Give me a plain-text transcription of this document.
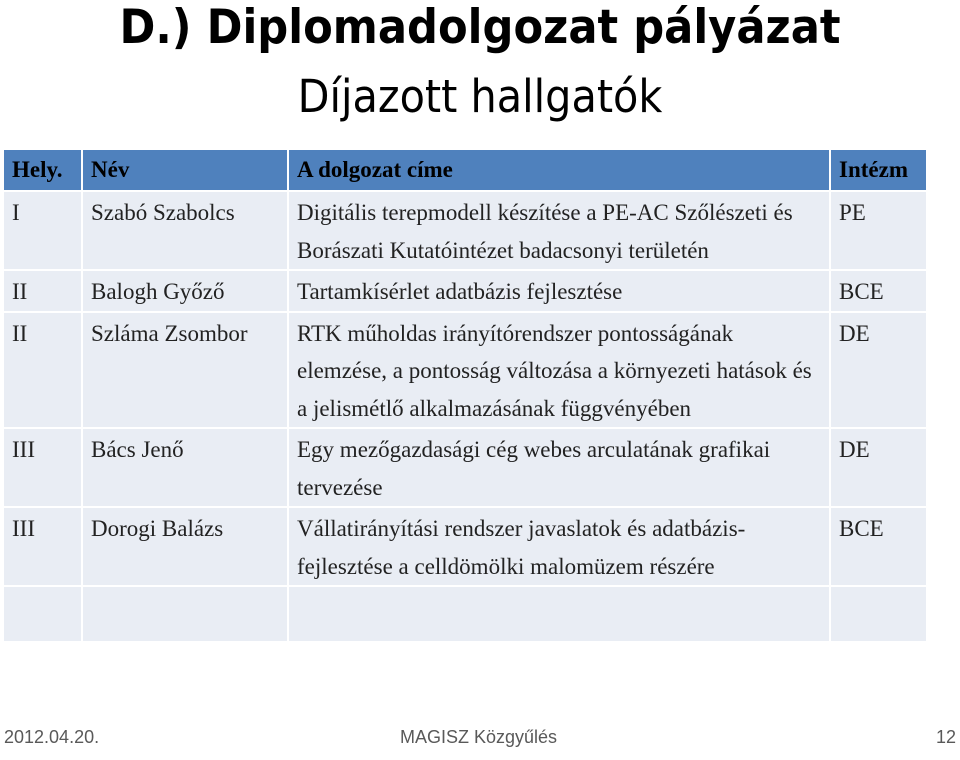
D.) Diplomadolgozat pályázat
Díjazott hallgatók
Hely.	Név	A dolgozat címe	Intézm
I	Szabó Szabolcs	Digitális terepmodell készítése a PE-AC Szőlészeti és Borászati Kutatóintézet badacsonyi területén	PE
II	Balogh Győző	Tartamkísérlet adatbázis fejlesztése	BCE
II	Szláma Zsombor	RTK műholdas irányítórendszer pontosságának elemzése, a pontosság változása a környezeti hatások és a jelismétlő alkalmazásának függvényében	DE
III	Bács Jenő	Egy mezőgazdasági cég webes arculatának grafikai tervezése	DE
III	Dorogi Balázs	Vállatirányítási rendszer javaslatok és adatbázis-fejlesztése a celldömölki malomüzem részére	BCE

2012.04.20.	MAGISZ Közgyűlés	12
